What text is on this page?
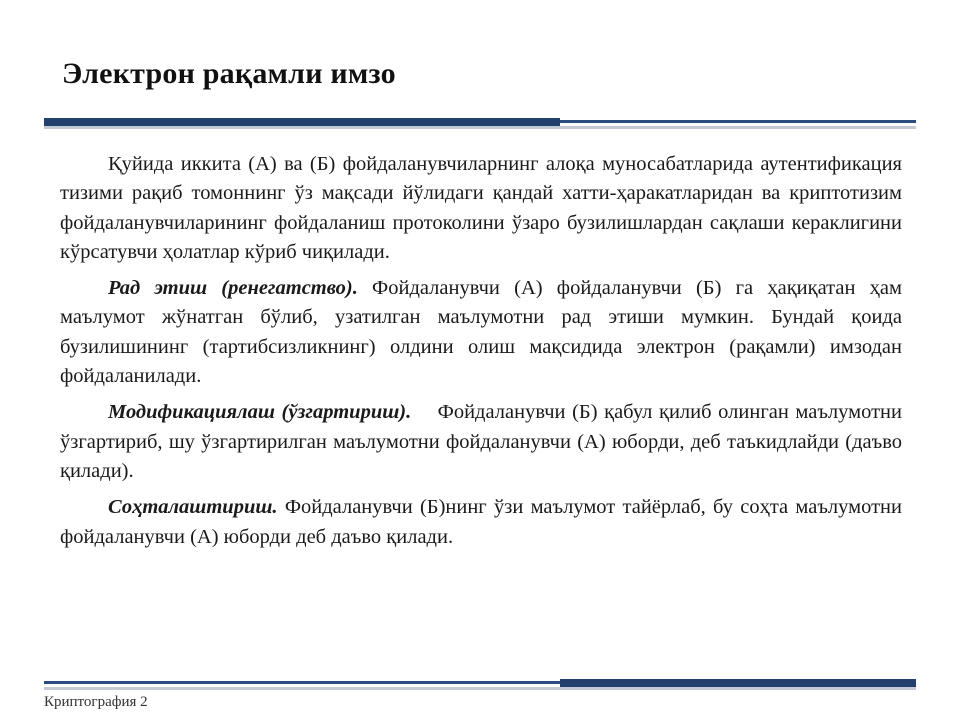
Электрон рақамли имзо

Қуйида иккита (А) ва (Б) фойдаланувчиларнинг алоқа муносабатларида аутентификация тизими рақиб томоннинг ўз мақсади йўлидаги қандай хатти-ҳаракатларидан ва криптотизим фойдаланувчиларининг фойдаланиш протоколини ўзаро бузилишлардан сақлаши кераклигини кўрсатувчи ҳолатлар кўриб чиқилади.

Рад этиш (ренегатство). Фойдаланувчи (А) фойдаланувчи (Б) га ҳақиқатан ҳам маълумот жўнатган бўлиб, узатилган маълумотни рад этиши мумкин. Бундай қоида бузилишининг (тартибсизликнинг) олдини олиш мақсидида электрон (рақамли) имзодан фойдаланилади.

Модификациялаш (ўзгартириш).    Фойдаланувчи (Б) қабул қилиб олинган маълумотни ўзгартириб, шу ўзгартирилган маълумотни фойдаланувчи (А) юборди, деб таъкидлайди (даъво қилади).

Соҳталаштириш. Фойдаланувчи (Б)нинг ўзи маълумот тайёрлаб, бу соҳта маълумотни фойдаланувчи (А) юборди деб даъво қилади.

Криптография 2
